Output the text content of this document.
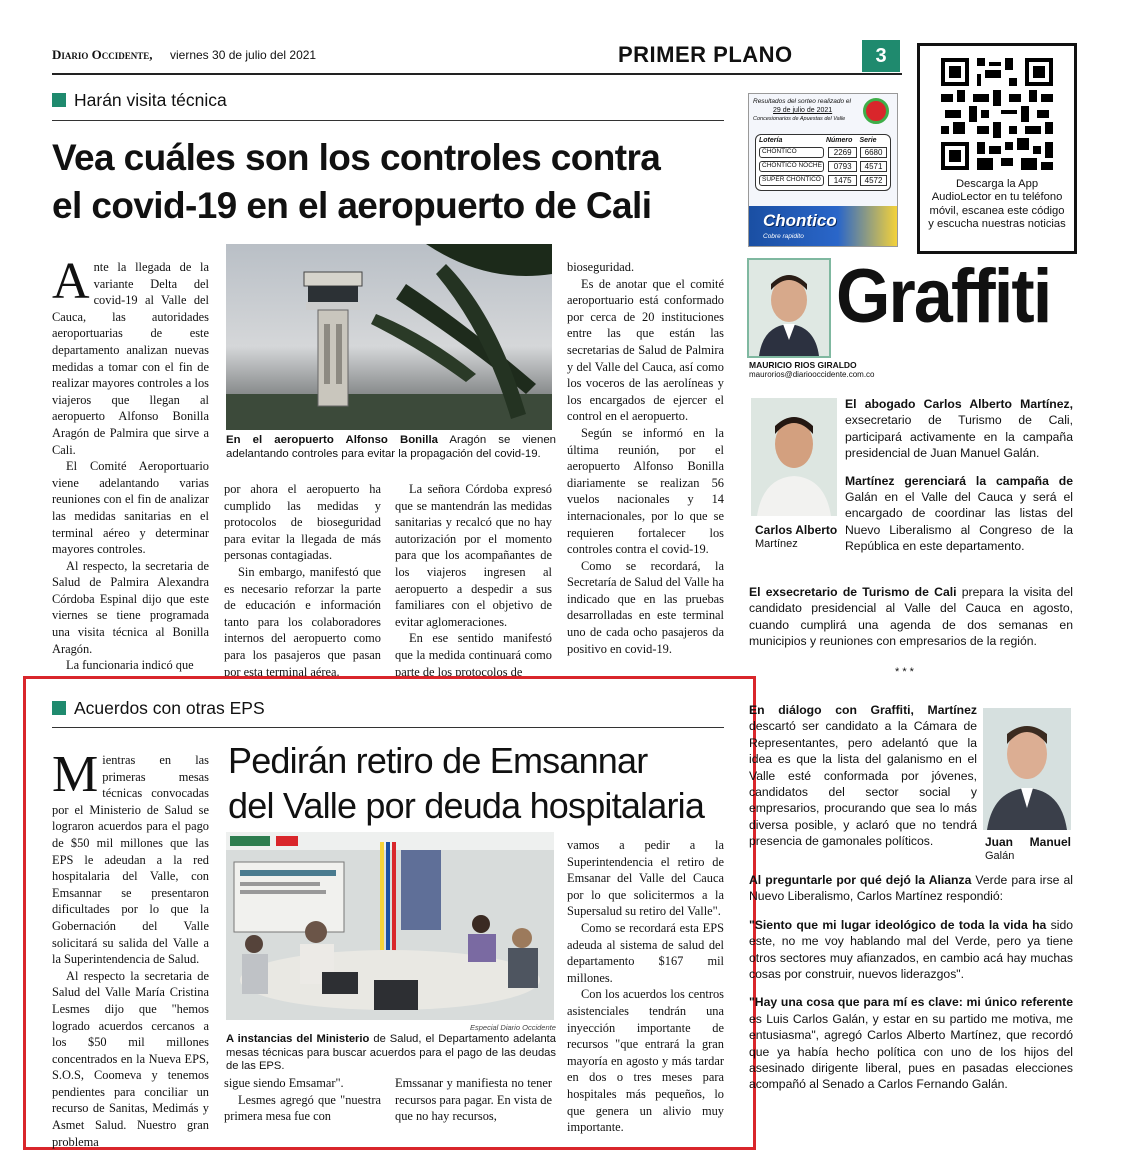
Diario Occidente, viernes 30 de julio del 2021	PRIMER PLANO	3
Descarga la App AudioLector en tu teléfono móvil, escanea este código y escucha nuestras noticias
Resultados del sorteo realizado el
29 de julio de 2021
Concesionarios de Apuestas del Valle
Lotería	Número	Serie
CHONTICO	2269	6680
CHONTICO NOCHE	0793	4571
SUPER CHONTICO	1475	4572
Chontico
Cobre rapidito
Harán visita técnica
Vea cuáles son los controles contra
el covid-19 en el aeropuerto de Cali
En el aeropuerto Alfonso Bonilla Aragón se vienen adelantando controles para evitar la propagación del covid-19.

Ante la llegada de la variante Delta del covid-19 al Valle del Cauca, las autoridades aeroportuarias de este departamento analizan nuevas medidas a tomar con el fin de realizar mayores controles a los viajeros que llegan al aeropuerto Alfonso Bonilla Aragón de Palmira que sirve a Cali.

El Comité Aeroportuario viene adelantando varias reuniones con el fin de analizar las medidas sanitarias en el terminal aéreo y determinar mayores controles.

Al respecto, la secretaria de Salud de Palmira Alexandra Córdoba Espinal dijo que este viernes se tiene programada una visita técnica al Bonilla Aragón.

La funcionaria indicó que

por ahora el aeropuerto ha cumplido las medidas y protocolos de bioseguridad para evitar la llegada de más personas contagiadas.

Sin embargo, manifestó que es necesario reforzar la parte de educación e información tanto para los colaboradores internos del aeropuerto como para los pasajeros que pasan por esta terminal aérea.

La señora Córdoba expresó que se mantendrán las medidas sanitarias y recalcó que no hay autorización por el momento para que los acompañantes de los viajeros ingresen al aeropuerto a despedir a sus familiares con el objetivo de evitar aglomeraciones.

En ese sentido manifestó que la medida continuará como parte de los protocolos de

bioseguridad.

Es de anotar que el comité aeroportuario está conformado por cerca de 20 instituciones entre las que están las secretarias de Salud de Palmira y del Valle del Cauca, así como los voceros de las aerolíneas y los encargados de ejercer el control en el aeropuerto.

Según se informó en la última reunión, por el aeropuerto Alfonso Bonilla diariamente se realizan 56 vuelos nacionales y 14 internacionales, por lo que se requieren fortalecer los controles contra el covid-19.

Como se recordará, la Secretaría de Salud del Valle ha indicado que en las pruebas desarrolladas en este terminal uno de cada ocho pasajeros da positivo en covid-19.

Acuerdos con otras EPS
Pedirán retiro de Emsannar
del Valle por deuda hospitalaria
Especial Diario Occidente
A instancias del Ministerio de Salud, el Departamento adelanta mesas técnicas para buscar acuerdos para el pago de las deudas de las EPS.

Mientras en las primeras mesas técnicas convocadas por el Ministerio de Salud se lograron acuerdos para el pago de $50 mil millones que las EPS le adeudan a la red hospitalaria del Valle, con Emsannar se presentaron dificultades por lo que la Gobernación del Valle solicitará su salida del Valle a la Superintendencia de Salud.

Al respecto la secretaria de Salud del Valle María Cristina Lesmes dijo que "hemos logrado acuerdos cercanos a los $50 mil millones concentrados en la Nueva EPS, S.O.S, Coomeva y tenemos pendientes para conciliar un recurso de Sanitas, Medimás y Asmet Salud. Nuestro gran problema

sigue siendo Emsamar".

Lesmes agregó que "nuestra primera mesa fue con

Emssanar y manifiesta no tener recursos para pagar. En vista de que no hay recursos,

vamos a pedir a la Superintendencia el retiro de Emsanar del Valle del Cauca por lo que solicitermos a la Supersalud su retiro del Valle".

Como se recordará esta EPS adeuda al sistema de salud del departamento $167 mil millones.

Con los acuerdos los centros asistenciales tendrán una inyección importante de recursos "que entrará la gran mayoría en agosto y más tardar en dos o tres meses para hospitales más pequeños, lo que genera un alivio muy importante.

Graffiti
MAURICIO RIOS GIRALDO
maurorios@diariooccidente.com.co
Carlos Alberto
Martínez

El abogado Carlos Alberto Martínez, exsecretario de Turismo de Cali, participará activamente en la campaña presidencial de Juan Manuel Galán.

Martínez gerenciará la campaña de Galán en el Valle del Cauca y será el encargado de coordinar las listas del Nuevo Liberalismo al Congreso de la República en este departamento.

El exsecretario de Turismo de Cali prepara la visita del candidato presidencial al Valle del Cauca en agosto, cuando cumplirá una agenda de dos semanas en municipios y reuniones con empresarios de la región.

* * *
Juan Manuel
Galán

En diálogo con Graffiti, Martínez descartó ser candidato a la Cámara de Representantes, pero adelantó que la idea es que la lista del galanismo en el Valle esté conformada por jóvenes, candidatos del sector social y empresarios, procurando que sea lo más diversa posible, y aclaró que no tendrá presencia de gamonales políticos.

Al preguntarle por qué dejó la Alianza Verde para irse al Nuevo Liberalismo, Carlos Martínez respondió:

"Siento que mi lugar ideológico de toda la vida ha sido este, no me voy hablando mal del Verde, pero ya tiene otros sectores muy afianzados, en cambio acá hay muchas cosas por construir, nuevos liderazgos".

"Hay una cosa que para mí es clave: mi único referente es Luis Carlos Galán, y estar en su partido me motiva, me entusiasma", agregó Carlos Alberto Martínez, que recordó que ya había hecho política con uno de los hijos del asesinado dirigente liberal, pues en pasadas elecciones acompañó al Senado a Carlos Fernando Galán.
